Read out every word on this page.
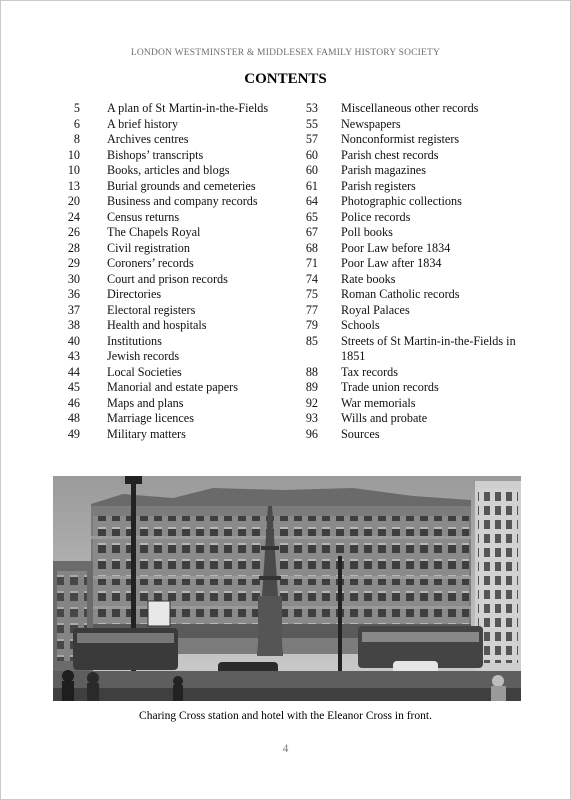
LONDON WESTMINSTER & MIDDLESEX FAMILY HISTORY SOCIETY
CONTENTS
5 A plan of St Martin-in-the-Fields
6 A brief history
8 Archives centres
10 Bishops’ transcripts
10 Books, articles and blogs
13 Burial grounds and cemeteries
20 Business and company records
24 Census returns
26 The Chapels Royal
28 Civil registration
29 Coroners’ records
30 Court and prison records
36 Directories
37 Electoral registers
38 Health and hospitals
40 Institutions
43 Jewish records
44 Local Societies
45 Manorial and estate papers
46 Maps and plans
48 Marriage licences
49 Military matters
53 Miscellaneous other records
55 Newspapers
57 Nonconformist registers
60 Parish chest records
60 Parish magazines
61 Parish registers
64 Photographic collections
65 Police records
67 Poll books
68 Poor Law before 1834
71 Poor Law after 1834
74 Rate books
75 Roman Catholic records
77 Royal Palaces
79 Schools
85 Streets of St Martin-in-the-Fields in 1851
88 Tax records
89 Trade union records
92 War memorials
93 Wills and probate
96 Sources
Charing Cross station and hotel with the Eleanor Cross in front.
4
